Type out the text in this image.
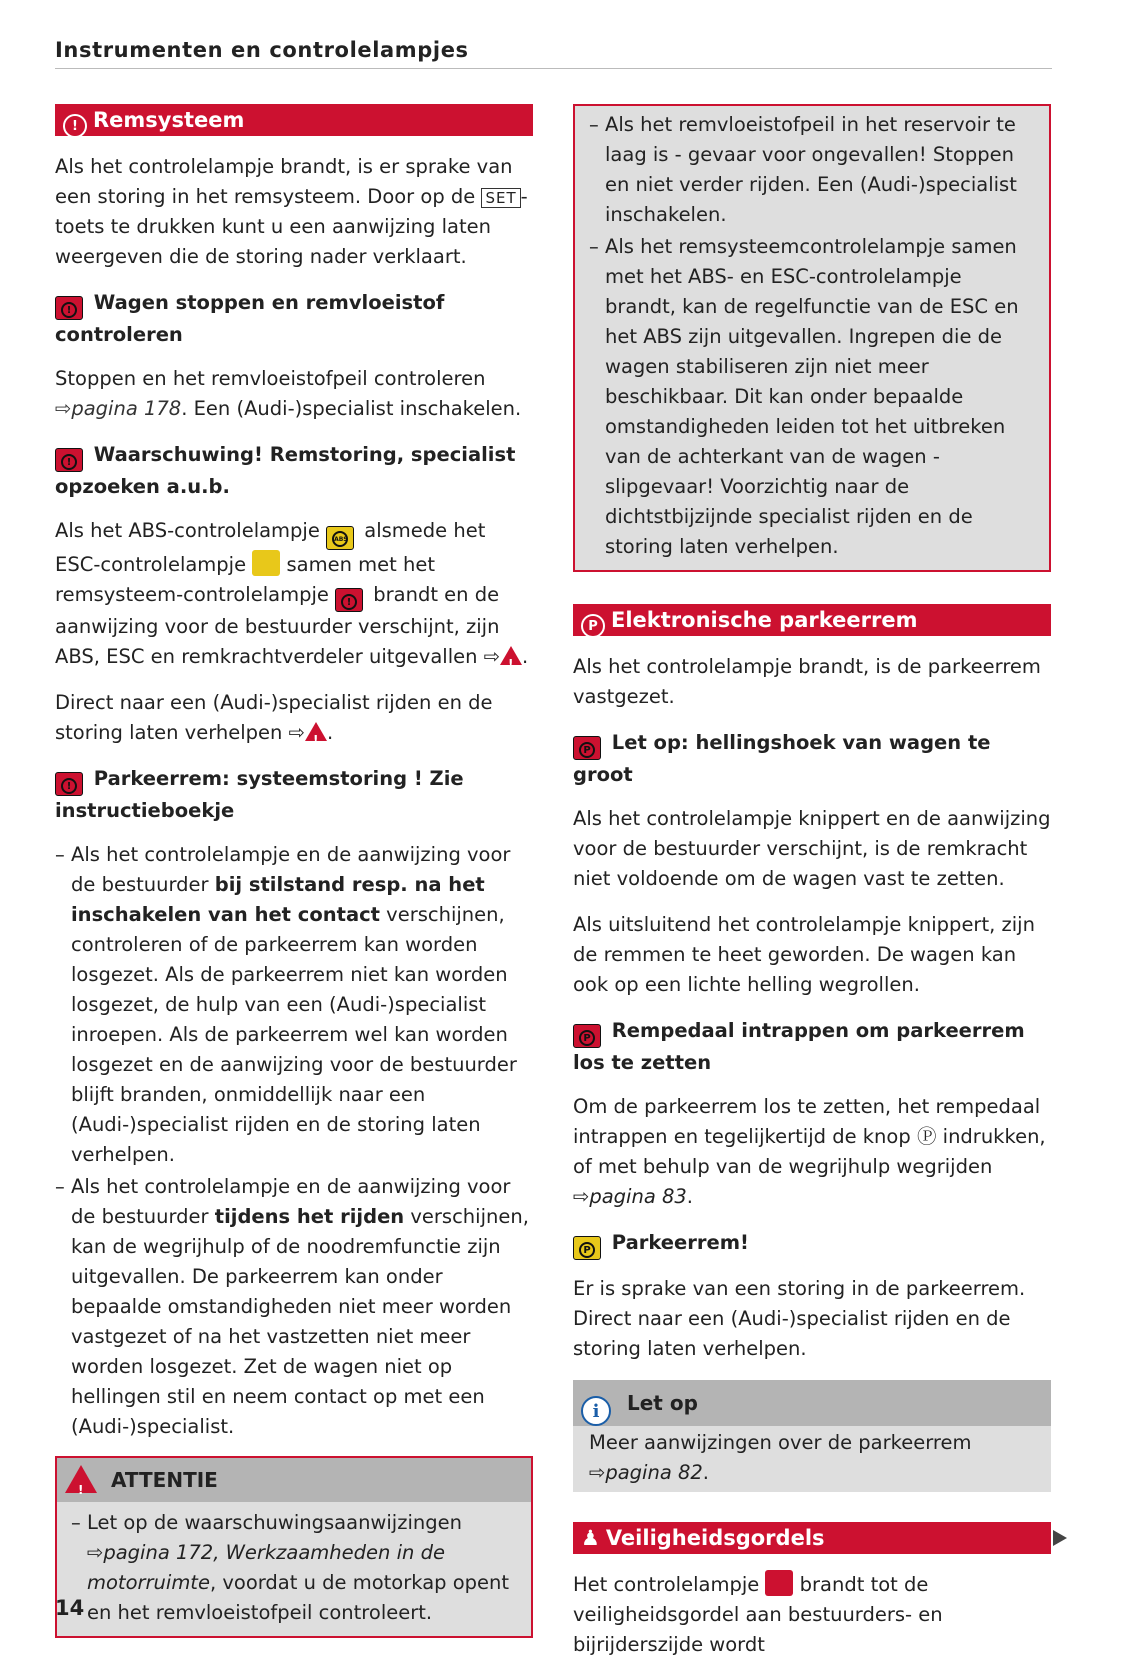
Instrumenten en controlelampjes
! Remsysteem

Als het controlelampje brandt, is er sprake van een storing in het remsysteem. Door op de SET -toets te drukken kunt u een aanwijzing laten weergeven die de storing nader verklaart.

! Wagen stoppen en remvloeistof controleren

Stoppen en het remvloeistofpeil controleren ⇨pagina 178. Een (Audi-)specialist inschakelen.

! Waarschuwing! Remstoring, specialist opzoeken a.u.b.

Als het ABS-controlelampje ABS alsmede het ESC-controlelampje  samen met het remsysteem-controlelampje ! brandt en de aanwijzing voor de bestuurder verschijnt, zijn ABS, ESC en remkrachtverdeler uitgevallen ⇨! .

Direct naar een (Audi-)specialist rijden en de storing laten verhelpen ⇨! .

! Parkeerrem: systeemstoring ! Zie instructieboekje
– Als het controlelampje en de aanwijzing voor de bestuurder bij stilstand resp. na het inschakelen van het contact verschijnen, controleren of de parkeerrem kan worden losgezet. Als de parkeerrem niet kan worden losgezet, de hulp van een (Audi-)specialist inroepen. Als de parkeerrem wel kan worden losgezet en de aanwijzing voor de bestuurder blijft branden, onmiddellijk naar een (Audi-)specialist rijden en de storing laten verhelpen.
– Als het controlelampje en de aanwijzing voor de bestuurder tijdens het rijden verschijnen, kan de wegrijhulp of de noodremfunctie zijn uitgevallen. De parkeerrem kan onder bepaalde omstandigheden niet meer worden vastgezet of na het vastzetten niet meer worden losgezet. Zet de wagen niet op hellingen stil en neem contact op met een (Audi-)specialist.
!ATTENTIE
– Let op de waarschuwingsaanwijzingen ⇨pagina 172, Werkzaamheden in de motorruimte, voordat u de motorkap opent en het remvloeistofpeil controleert.
– Als het remvloeistofpeil in het reservoir te laag is - gevaar voor ongevallen! Stoppen en niet verder rijden. Een (Audi-)specialist inschakelen.
– Als het remsysteemcontrolelampje samen met het ABS- en ESC-controlelampje brandt, kan de regelfunctie van de ESC en het ABS zijn uitgevallen. Ingrepen die de wagen stabiliseren zijn niet meer beschikbaar. Dit kan onder bepaalde omstandigheden leiden tot het uitbreken van de achterkant van de wagen - slipgevaar! Voorzichtig naar de dichtstbijzijnde specialist rijden en de storing laten verhelpen.
P Elektronische parkeerrem

Als het controlelampje brandt, is de parkeerrem vastgezet.

P Let op: hellingshoek van wagen te groot

Als het controlelampje knippert en de aanwijzing voor de bestuurder verschijnt, is de remkracht niet voldoende om de wagen vast te zetten.

Als uitsluitend het controlelampje knippert, zijn de remmen te heet geworden. De wagen kan ook op een lichte helling wegrollen.

P Rempedaal intrappen om parkeerrem los te zetten

Om de parkeerrem los te zetten, het rempedaal intrappen en tegelijkertijd de knop Ⓟ indrukken, of met behulp van de wegrijhulp wegrijden ⇨pagina 83.

P Parkeerrem!

Er is sprake van een storing in de parkeerrem. Direct naar een (Audi-)specialist rijden en de storing laten verhelpen.

i Let op

Meer aanwijzingen over de parkeerrem ⇨pagina 82.

♟ Veiligheidsgordels

Het controlelampje  brandt tot de veiligheidsgordel aan bestuurders- en bijrijderszijde wordt

14
